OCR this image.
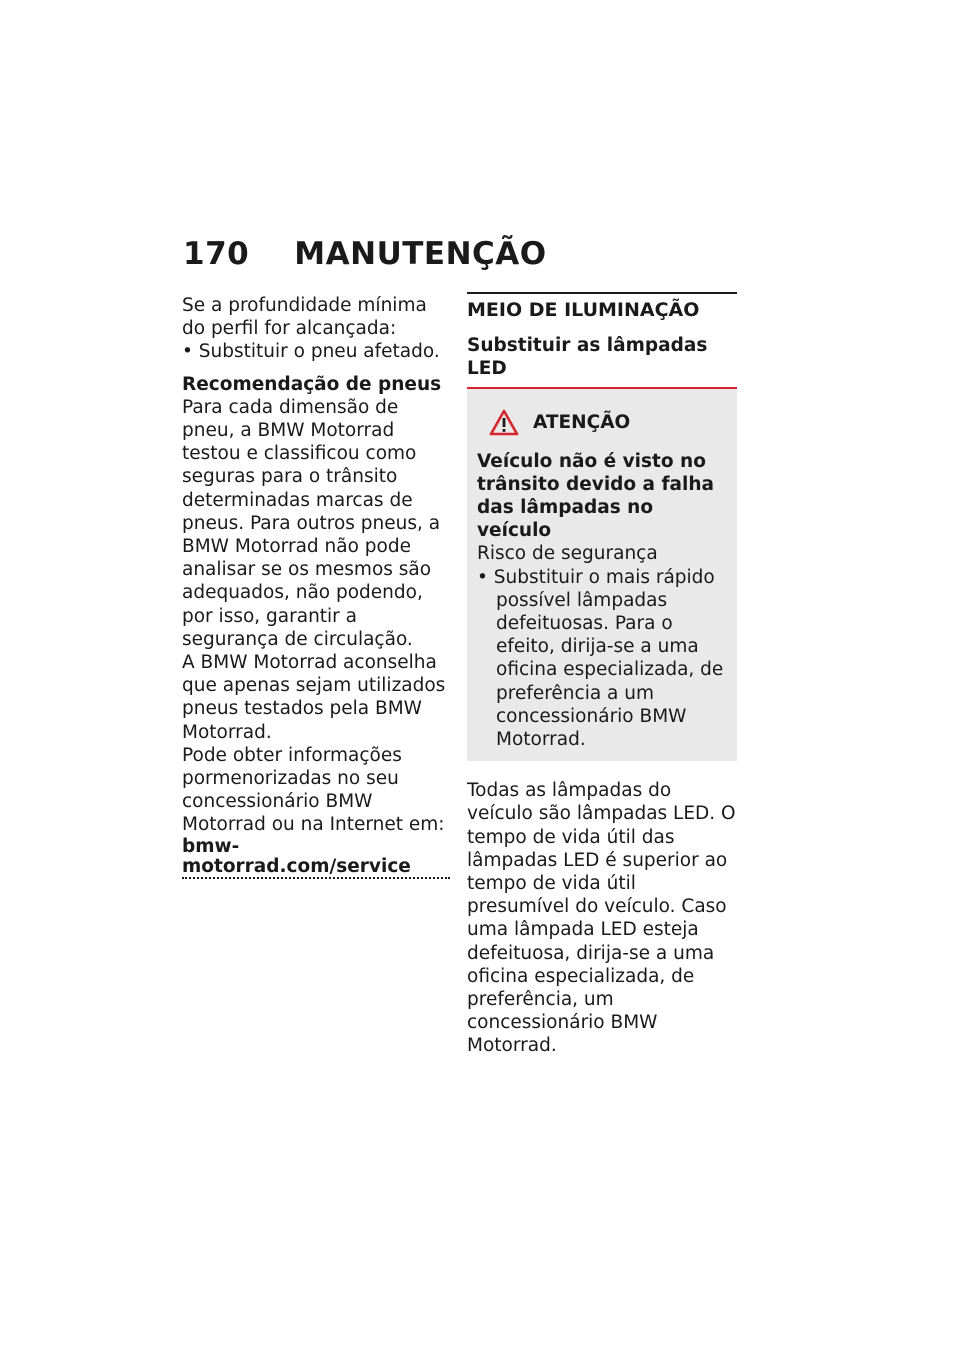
170 MANUTENÇÃO

Se a profundidade mínima do perfil for alcançada:

• Substituir o pneu afetado.

Recomendação de pneus

Para cada dimensão de pneu, a BMW Motorrad testou e classificou como seguras para o trânsito determinadas marcas de pneus. Para outros pneus, a BMW Motorrad não pode analisar se os mesmos são adequados, não podendo, por isso, garantir a segurança de circulação.

A BMW Motorrad aconselha que apenas sejam utilizados pneus testados pela BMW Motorrad.

Pode obter informações pormenorizadas no seu concessionário BMW Motorrad ou na Internet em:

bmw-motorrad.com/service
MEIO DE ILUMINAÇÃO
Substituir as lâmpadas LED
ATENÇÃO

Veículo não é visto no trânsito devido a falha das lâmpadas no veículo

Risco de segurança

• Substituir o mais rápido possível lâmpadas defeituosas. Para o efeito, dirija-se a uma oficina especializada, de preferência a um concessionário BMW Motorrad.

Todas as lâmpadas do veículo são lâmpadas LED. O tempo de vida útil das lâmpadas LED é superior ao tempo de vida útil presumível do veículo. Caso uma lâmpada LED esteja defeituosa, dirija-se a uma oficina especializada, de preferência, um concessionário BMW Motorrad.
